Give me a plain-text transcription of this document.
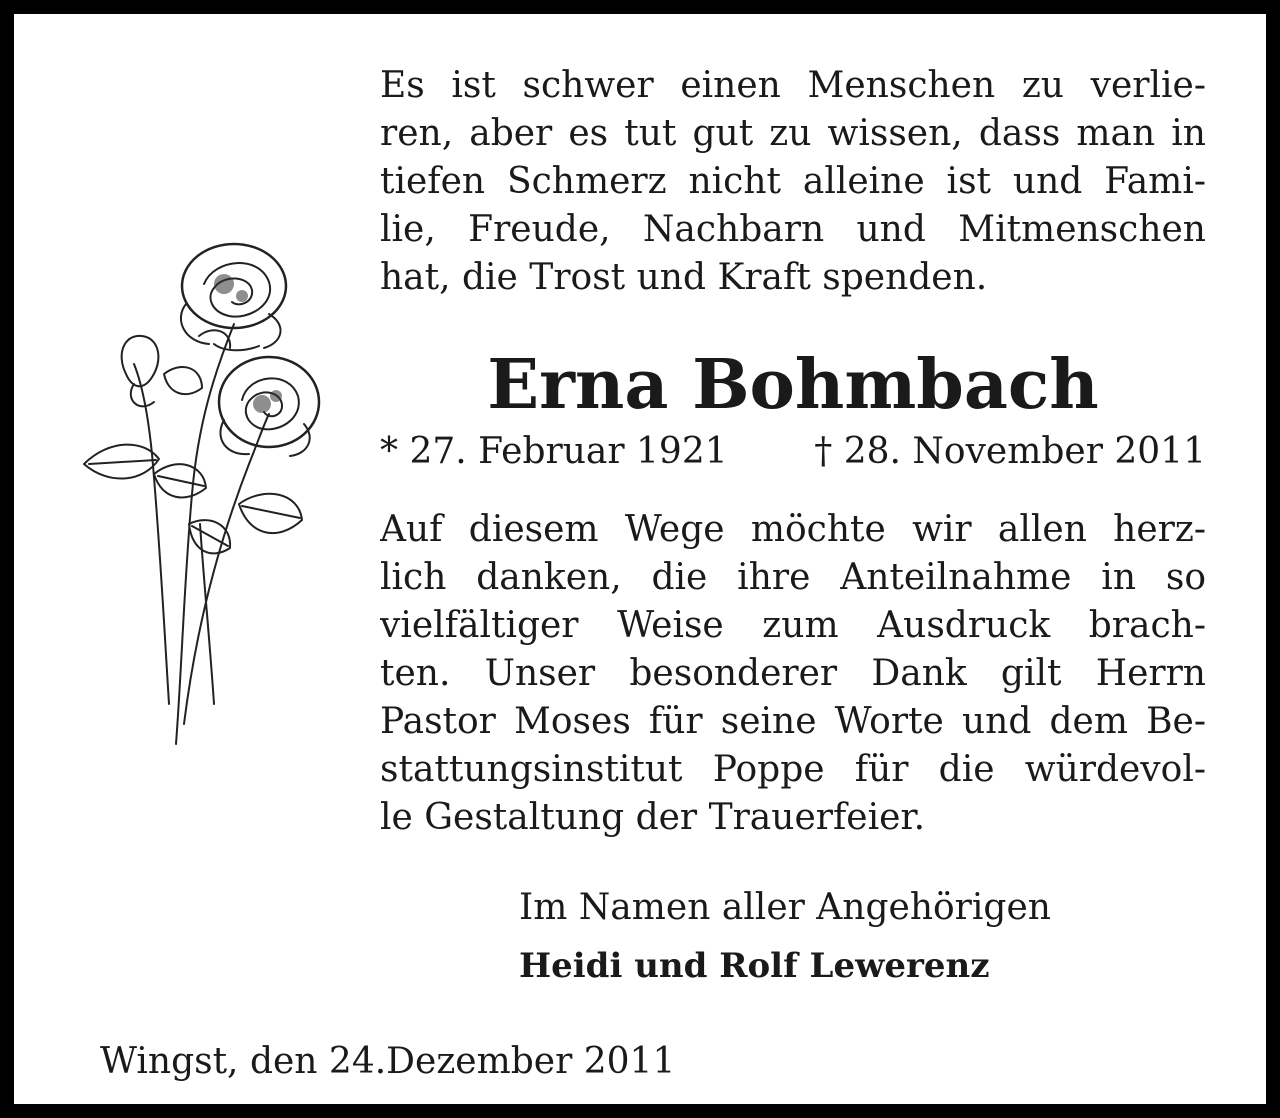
Es ist schwer einen Menschen zu verlie-
ren, aber es tut gut zu wissen, dass man in
tiefen Schmerz nicht alleine ist und Fami-
lie, Freude, Nachbarn und Mitmenschen
hat, die Trost und Kraft spenden.
Erna Bohmbach
* 27. Februar 1921 † 28. November 2011
Auf diesem Wege möchte wir allen herz-
lich danken, die ihre Anteilnahme in so
vielfältiger Weise zum Ausdruck brach-
ten. Unser besonderer Dank gilt Herrn
Pastor Moses für seine Worte und dem Be-
stattungsinstitut Poppe für die würdevol-
le Gestaltung der Trauerfeier.
Im Namen aller Angehörigen
Heidi und Rolf Lewerenz
Wingst, den 24.Dezember 2011
